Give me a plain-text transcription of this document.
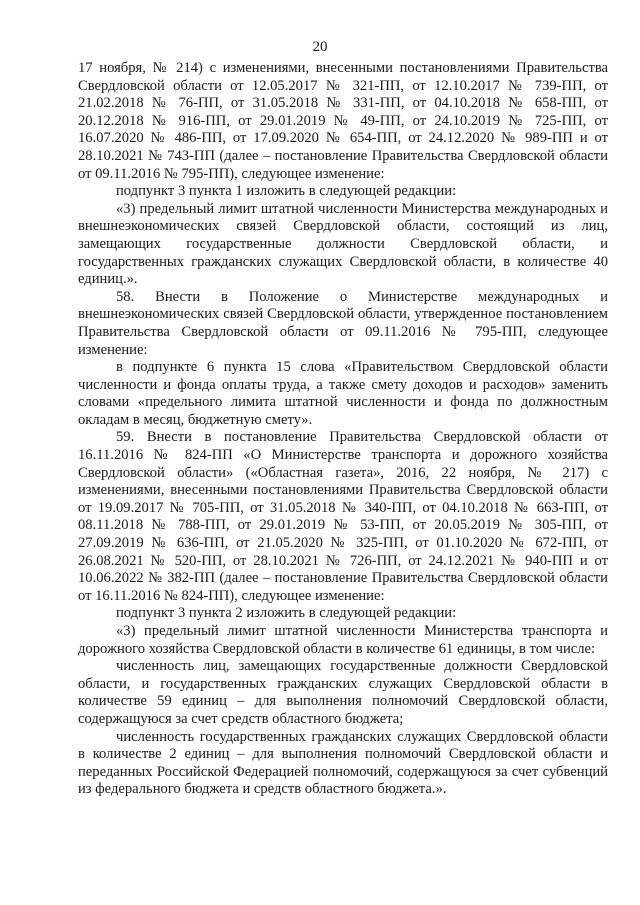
20

17 ноября, № 214) с изменениями, внесенными постановлениями Правительства Свердловской области от 12.05.2017 № 321-ПП, от 12.10.2017 № 739-ПП, от 21.02.2018 № 76-ПП, от 31.05.2018 № 331-ПП, от 04.10.2018 № 658-ПП, от 20.12.2018 № 916-ПП, от 29.01.2019 № 49-ПП, от 24.10.2019 № 725-ПП, от 16.07.2020 № 486-ПП, от 17.09.2020 № 654-ПП, от 24.12.2020 № 989-ПП и от 28.10.2021 № 743-ПП (далее – постановление Правительства Свердловской области от 09.11.2016 № 795-ПП), следующее изменение:

подпункт 3 пункта 1 изложить в следующей редакции:

«3) предельный лимит штатной численности Министерства международных и внешнеэкономических связей Свердловской области, состоящий из лиц, замещающих государственные должности Свердловской области, и государственных гражданских служащих Свердловской области, в количестве 40 единиц.».

58. Внести в Положение о Министерстве международных и внешнеэкономических связей Свердловской области, утвержденное постановлением Правительства Свердловской области от 09.11.2016 № 795-ПП, следующее изменение:

в подпункте 6 пункта 15 слова «Правительством Свердловской области численности и фонда оплаты труда, а также смету доходов и расходов» заменить словами «предельного лимита штатной численности и фонда по должностным окладам в месяц, бюджетную смету».

59. Внести в постановление Правительства Свердловской области от 16.11.2016 № 824-ПП «О Министерстве транспорта и дорожного хозяйства Свердловской области» («Областная газета», 2016, 22 ноября, № 217) с изменениями, внесенными постановлениями Правительства Свердловской области от 19.09.2017 № 705-ПП, от 31.05.2018 № 340-ПП, от 04.10.2018 № 663-ПП, от 08.11.2018 № 788-ПП, от 29.01.2019 № 53-ПП, от 20.05.2019 № 305-ПП, от 27.09.2019 № 636-ПП, от 21.05.2020 № 325-ПП, от 01.10.2020 № 672-ПП, от 26.08.2021 № 520-ПП, от 28.10.2021 № 726-ПП, от 24.12.2021 № 940-ПП и от 10.06.2022 № 382-ПП (далее – постановление Правительства Свердловской области от 16.11.2016 № 824-ПП), следующее изменение:

подпункт 3 пункта 2 изложить в следующей редакции:

«3) предельный лимит штатной численности Министерства транспорта и дорожного хозяйства Свердловской области в количестве 61 единицы, в том числе:

численность лиц, замещающих государственные должности Свердловской области, и государственных гражданских служащих Свердловской области в количестве 59 единиц – для выполнения полномочий Свердловской области, содержащуюся за счет средств областного бюджета;

численность государственных гражданских служащих Свердловской области в количестве 2 единиц – для выполнения полномочий Свердловской области и переданных Российской Федерацией полномочий, содержащуюся за счет субвенций из федерального бюджета и средств областного бюджета.».
